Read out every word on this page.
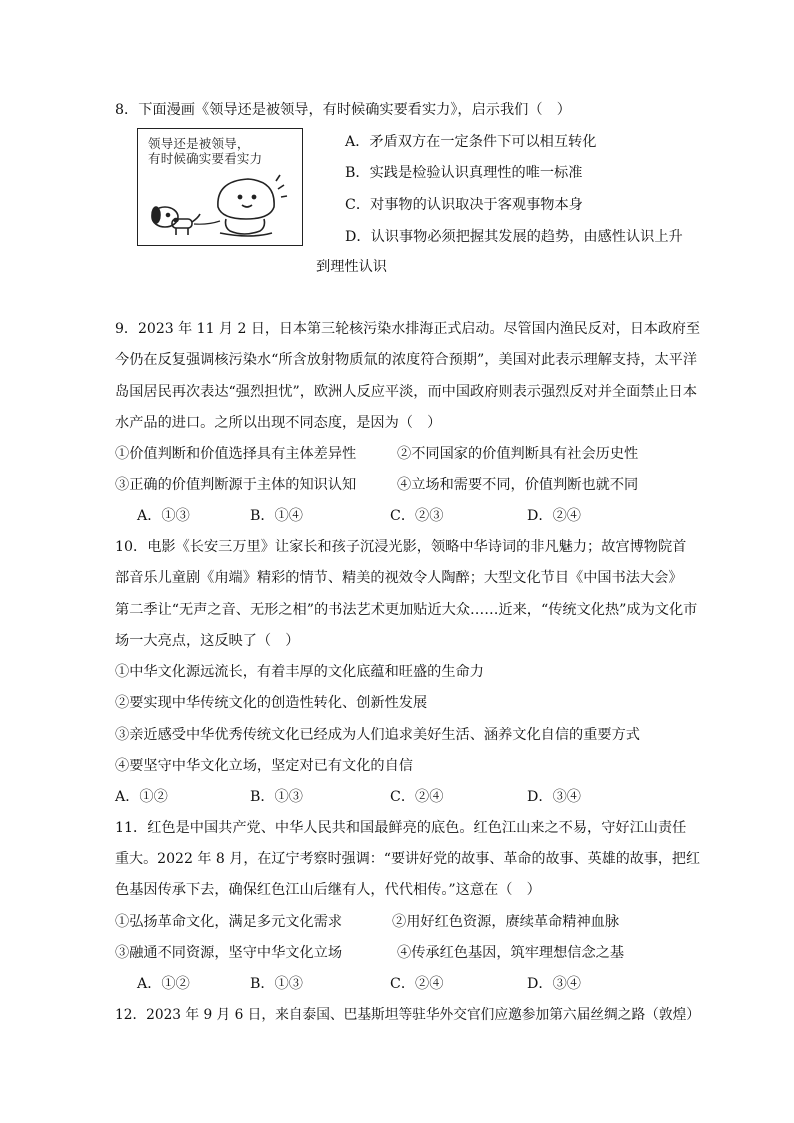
8．下面漫画《领导还是被领导，有时候确实要看实力》，启示我们（　）
领导还是被领导，
有时候确实要看实力
A．矛盾双方在一定条件下可以相互转化
B．实践是检验认识真理性的唯一标准
C．对事物的认识取决于客观事物本身
D．认识事物必须把握其发展的趋势，由感性认识上升
到理性认识
9．2023 年 11 月 2 日，日本第三轮核污染水排海正式启动。尽管国内渔民反对，日本政府至
今仍在反复强调核污染水“所含放射物质氚的浓度符合预期”，美国对此表示理解支持，太平洋
岛国居民再次表达“强烈担忧”，欧洲人反应平淡，而中国政府则表示强烈反对并全面禁止日本
水产品的进口。之所以出现不同态度，是因为（　）
①价值判断和价值选择具有主体差异性	②不同国家的价值判断具有社会历史性
③正确的价值判断源于主体的知识认知	④立场和需要不同，价值判断也就不同
A．①③	B．①④	C．②③	D．②④
10．电影《长安三万里》让家长和孩子沉浸光影，领略中华诗词的非凡魅力；故宫博物院首
部音乐儿童剧《甪端》精彩的情节、精美的视效令人陶醉；大型文化节目《中国书法大会》
第二季让“无声之音、无形之相”的书法艺术更加贴近大众……近来，“传统文化热”成为文化市
场一大亮点，这反映了（　）
①中华文化源远流长，有着丰厚的文化底蕴和旺盛的生命力
②要实现中华传统文化的创造性转化、创新性发展
③亲近感受中华优秀传统文化已经成为人们追求美好生活、涵养文化自信的重要方式
④要坚守中华文化立场，坚定对已有文化的自信
A．①②	B．①③	C．②④	D．③④
11．红色是中国共产党、中华人民共和国最鲜亮的底色。红色江山来之不易，守好江山责任
重大。2022 年 8 月，在辽宁考察时强调：“要讲好党的故事、革命的故事、英雄的故事，把红
色基因传承下去，确保红色江山后继有人，代代相传。”这意在（　）
①弘扬革命文化，满足多元文化需求	②用好红色资源，赓续革命精神血脉
③融通不同资源，坚守中华文化立场	④传承红色基因，筑牢理想信念之基
A．①②	B．①③	C．②④	D．③④
12．2023 年 9 月 6 日，来自泰国、巴基斯坦等驻华外交官们应邀参加第六届丝绸之路（敦煌）
